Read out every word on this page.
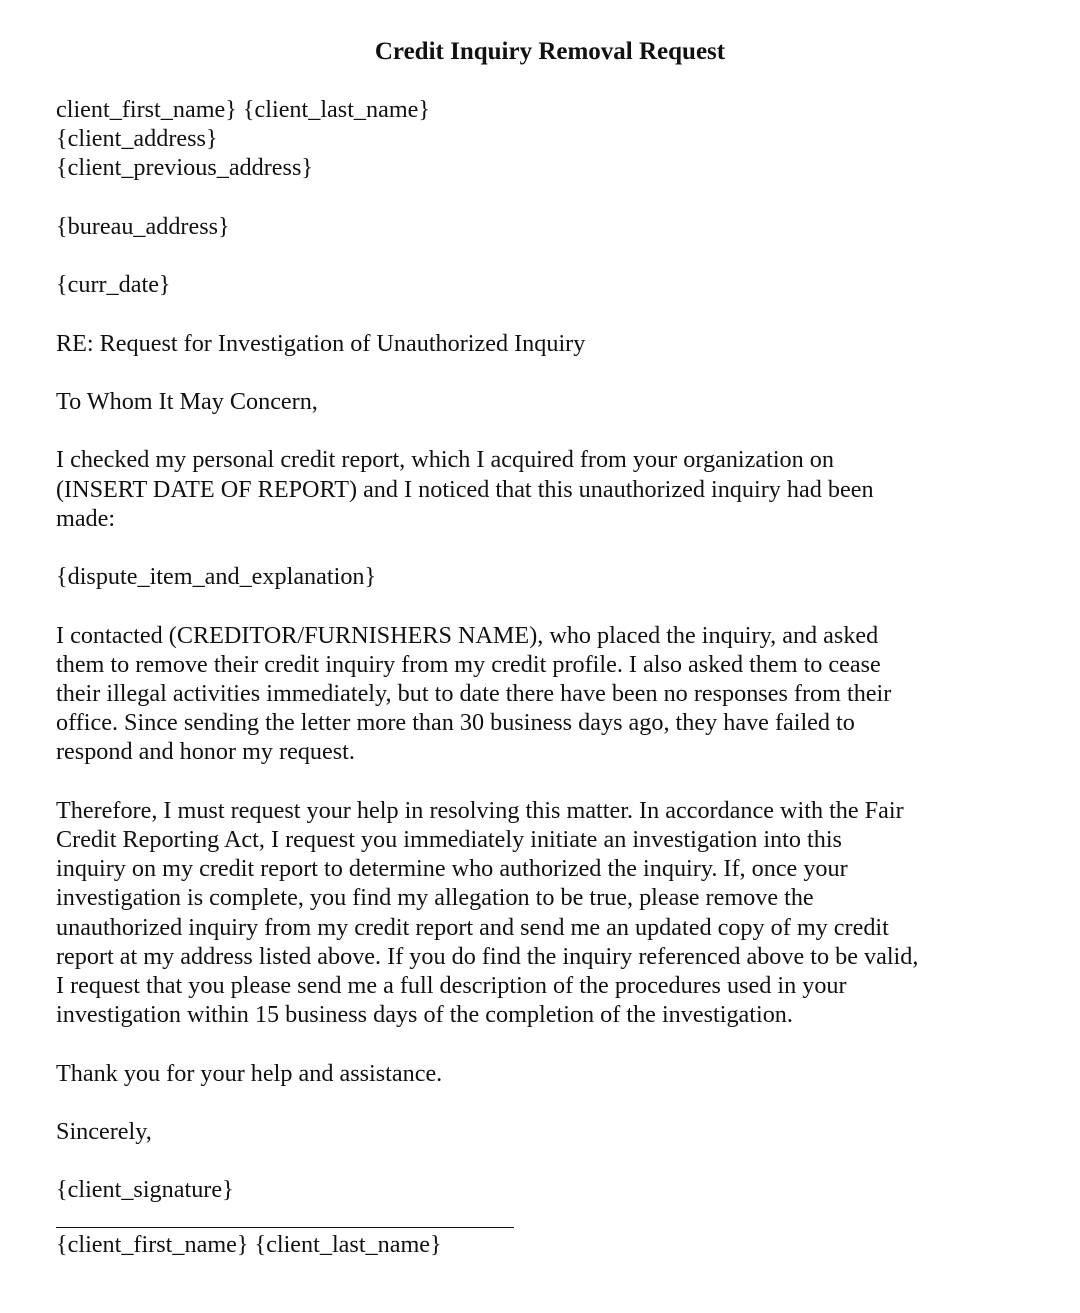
Credit Inquiry Removal Request
client_first_name} {client_last_name}
{client_address}
{client_previous_address}
{bureau_address}
{curr_date}
RE: Request for Investigation of Unauthorized Inquiry
To Whom It May Concern,
I checked my personal credit report, which I acquired from your organization on
(INSERT DATE OF REPORT) and I noticed that this unauthorized inquiry had been
made:
{dispute_item_and_explanation}
I contacted (CREDITOR/FURNISHERS NAME), who placed the inquiry, and asked
them to remove their credit inquiry from my credit profile. I also asked them to cease
their illegal activities immediately, but to date there have been no responses from their
office. Since sending the letter more than 30 business days ago, they have failed to
respond and honor my request.
Therefore, I must request your help in resolving this matter. In accordance with the Fair
Credit Reporting Act, I request you immediately initiate an investigation into this
inquiry on my credit report to determine who authorized the inquiry. If, once your
investigation is complete, you find my allegation to be true, please remove the
unauthorized inquiry from my credit report and send me an updated copy of my credit
report at my address listed above. If you do find the inquiry referenced above to be valid,
I request that you please send me a full description of the procedures used in your
investigation within 15 business days of the completion of the investigation.
Thank you for your help and assistance.
Sincerely,
{client_signature}
{client_first_name} {client_last_name}
